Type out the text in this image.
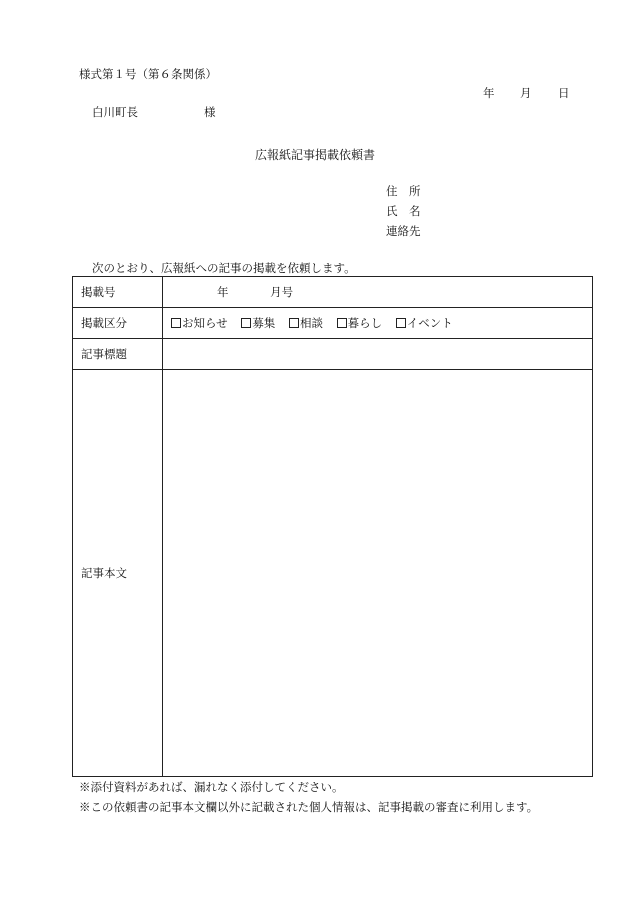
様式第１号（第６条関係）
年 月 日
白川町長	様
広報紙記事掲載依頼書
住　所
氏　名
連絡先
次のとおり、広報紙への記事の掲載を依頼します。
掲載号	年 月号
掲載区分	お知らせ 募集 相談 暮らし イベント
記事標題	
記事本文	
※添付資料があれば、漏れなく添付してください。
※この依頼書の記事本文欄以外に記載された個人情報は、記事掲載の審査に利用します。
